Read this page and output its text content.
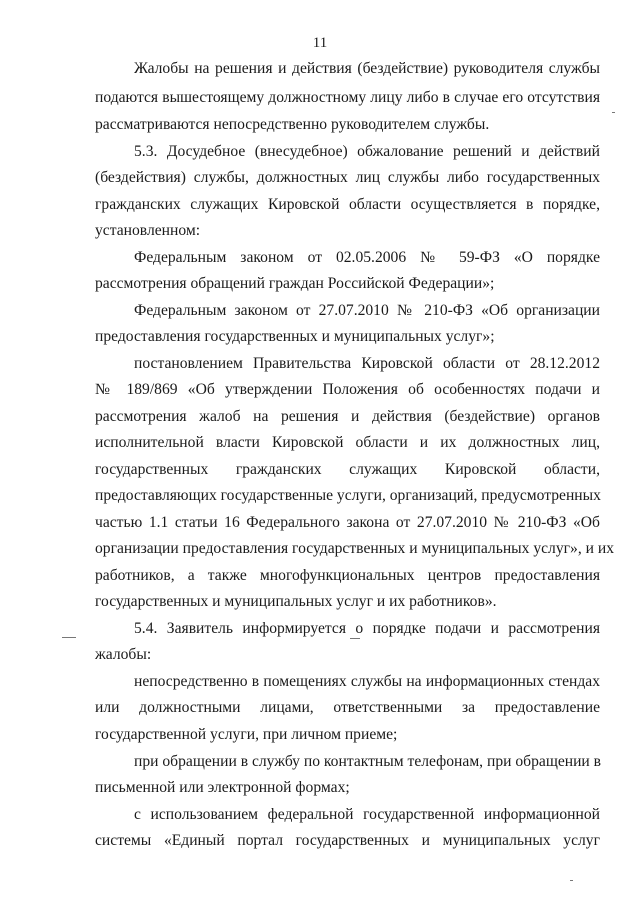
11
Жалобы на решения и действия (бездействие) руководителя службы
подаются вышестоящему должностному лицу либо в случае его отсутствия
рассматриваются непосредственно руководителем службы.
5.3. Досудебное (внесудебное) обжалование решений и действий
(бездействия) службы, должностных лиц службы либо государственных
гражданских служащих Кировской области осуществляется в порядке,
установленном:
Федеральным законом от 02.05.2006 № 59-ФЗ «О порядке
рассмотрения обращений граждан Российской Федерации»;
Федеральным законом от 27.07.2010 № 210-ФЗ «Об организации
предоставления государственных и муниципальных услуг»;
постановлением Правительства Кировской области от 28.12.2012
№ 189/869 «Об утверждении Положения об особенностях подачи и
рассмотрения жалоб на решения и действия (бездействие) органов
исполнительной власти Кировской области и их должностных лиц,
государственных гражданских служащих Кировской области,
предоставляющих государственные услуги, организаций, предусмотренных
частью 1.1 статьи 16 Федерального закона от 27.07.2010 № 210-ФЗ «Об
организации предоставления государственных и муниципальных услуг», и их
работников, а также многофункциональных центров предоставления
государственных и муниципальных услуг и их работников».
5.4. Заявитель информируется о порядке подачи и рассмотрения
жалобы:
непосредственно в помещениях службы на информационных стендах
или должностными лицами, ответственными за предоставление
государственной услуги, при личном приеме;
при обращении в службу по контактным телефонам, при обращении в
письменной или электронной формах;
с использованием федеральной государственной информационной
системы «Единый портал государственных и муниципальных услуг
